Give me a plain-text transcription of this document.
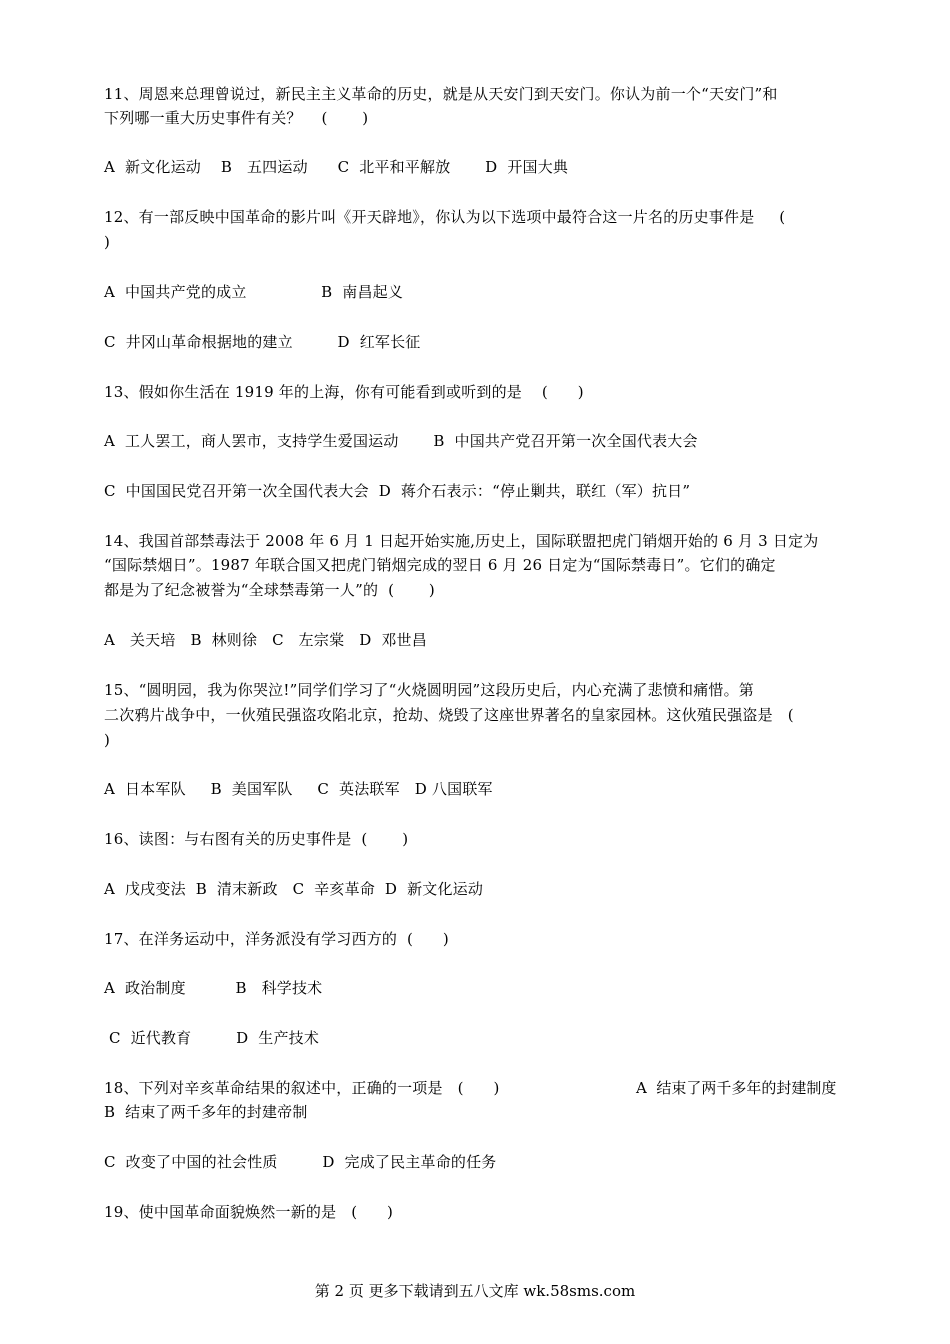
11、周恩来总理曾说过，新民主主义革命的历史，就是从天安门到天安门。你认为前一个“天安门”和
下列哪一重大历史事件有关？    (       )
A  新文化运动    B   五四运动      C  北平和平解放       D  开国大典
12、有一部反映中国革命的影片叫《开天辟地》，你认为以下选项中最符合这一片名的历史事件是     (
)
A  中国共产党的成立               B  南昌起义
C  井冈山革命根据地的建立         D  红军长征
13、假如你生活在 1919 年的上海，你有可能看到或听到的是    (      )
A  工人罢工，商人罢市，支持学生爱国运动       B  中国共产党召开第一次全国代表大会
C  中国国民党召开第一次全国代表大会  D  蒋介石表示：“停止剿共，联红（军）抗日”
14、我国首部禁毒法于 2008 年 6 月 1 日起开始实施,历史上，国际联盟把虎门销烟开始的 6 月 3 日定为
“国际禁烟日”。1987 年联合国又把虎门销烟完成的翌日 6 月 26 日定为“国际禁毒日”。它们的确定
都是为了纪念被誉为“全球禁毒第一人”的  (       )
A   关天培   B  林则徐   C   左宗棠   D  邓世昌
15、“圆明园，我为你哭泣!”同学们学习了“火烧圆明园”这段历史后，内心充满了悲愤和痛惜。第
二次鸦片战争中，一伙殖民强盗攻陷北京，抢劫、烧毁了这座世界著名的皇家园林。这伙殖民强盗是   (
)
A  日本军队     B  美国军队     C  英法联军   D 八国联军
16、读图：与右图有关的历史事件是  (       )
A  戊戌变法  B  清末新政   C  辛亥革命  D  新文化运动
17、在洋务运动中，洋务派没有学习西方的  (      )
A  政治制度          B   科学技术
C  近代教育         D  生产技术
18、下列对辛亥革命结果的叙述中，正确的一项是   (      )	A  结束了两千多年的封建制度
B  结束了两千多年的封建帝制
C  改变了中国的社会性质         D  完成了民主革命的任务
19、使中国革命面貌焕然一新的是   (      )
第 2 页 更多下载请到五八文库 wk.58sms.com
